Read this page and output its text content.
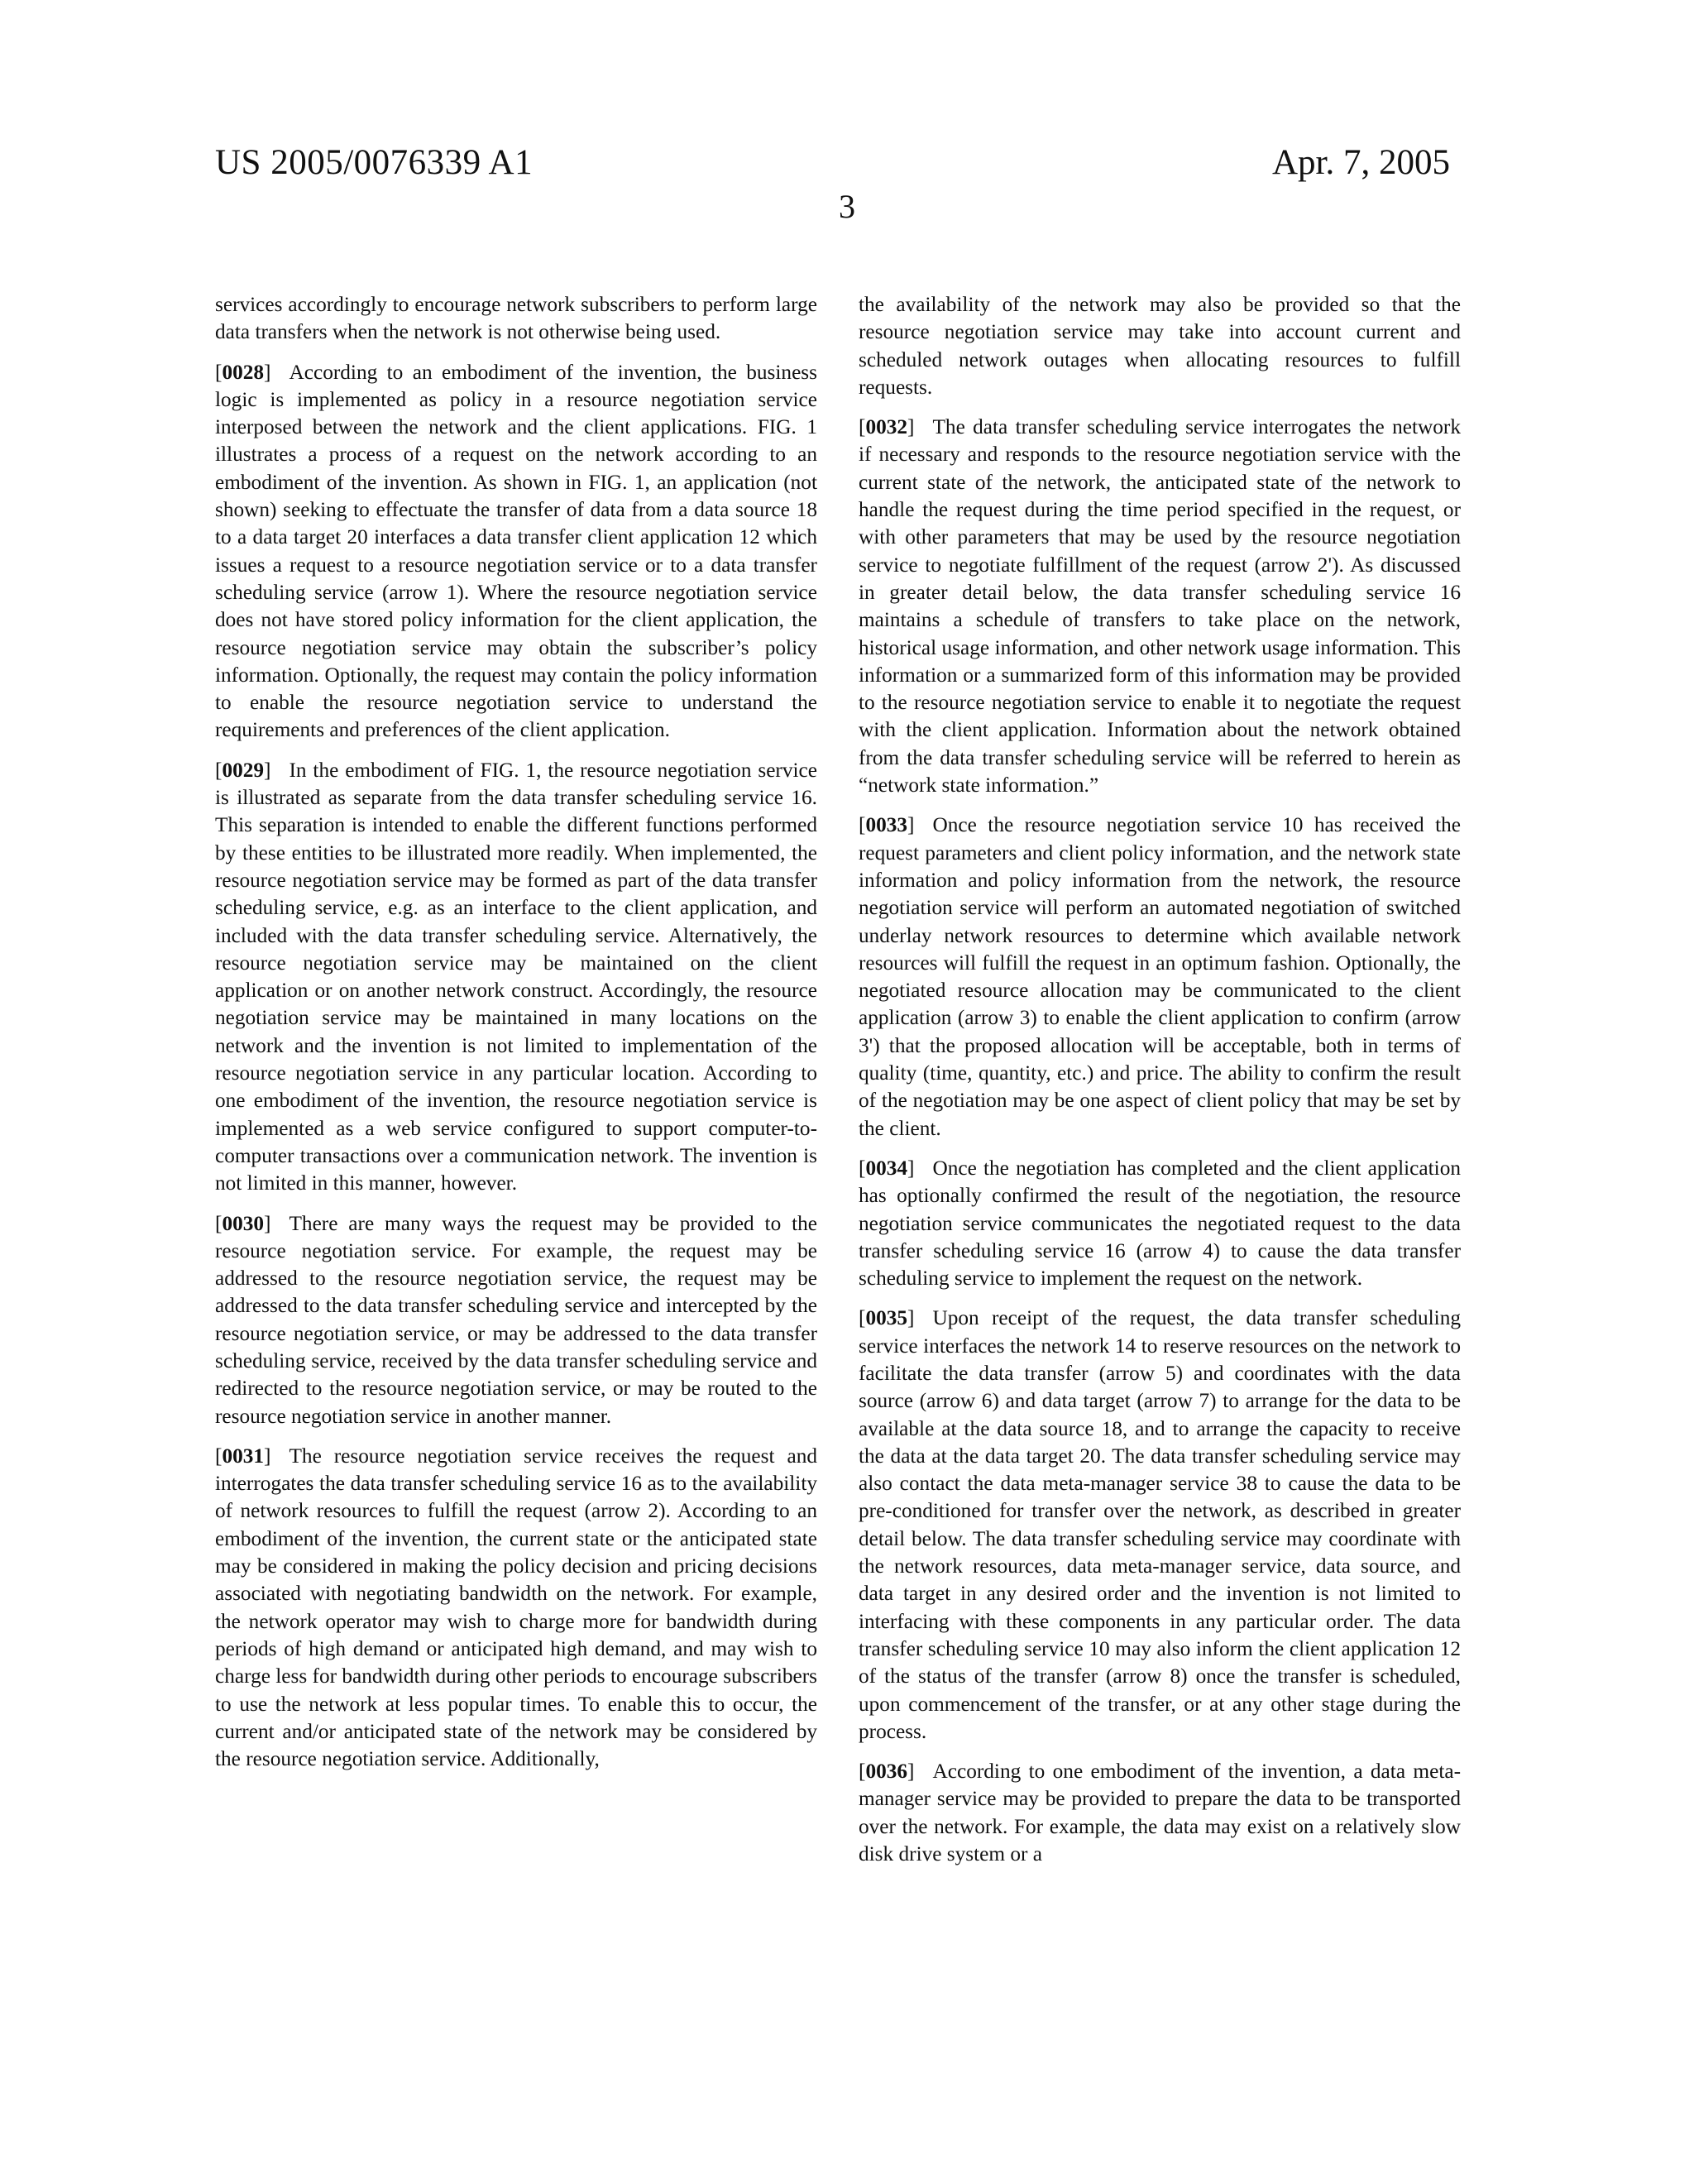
US 2005/0076339 A1	Apr. 7, 2005
3

services accordingly to encourage network subscribers to perform large data transfers when the network is not otherwise being used.

[0028] According to an embodiment of the invention, the business logic is implemented as policy in a resource negotiation service interposed between the network and the client applications. FIG. 1 illustrates a process of a request on the network according to an embodiment of the invention. As shown in FIG. 1, an application (not shown) seeking to effectuate the transfer of data from a data source 18 to a data target 20 interfaces a data transfer client application 12 which issues a request to a resource negotiation service or to a data transfer scheduling service (arrow 1). Where the resource negotiation service does not have stored policy information for the client application, the resource negotiation service may obtain the subscriber’s policy information. Optionally, the request may contain the policy information to enable the resource negotiation service to understand the requirements and preferences of the client application.

[0029] In the embodiment of FIG. 1, the resource negotiation service is illustrated as separate from the data transfer scheduling service 16. This separation is intended to enable the different functions performed by these entities to be illustrated more readily. When implemented, the resource negotiation service may be formed as part of the data transfer scheduling service, e.g. as an interface to the client application, and included with the data transfer scheduling service. Alternatively, the resource negotiation service may be maintained on the client application or on another network construct. Accordingly, the resource negotiation service may be maintained in many locations on the network and the invention is not limited to implementation of the resource negotiation service in any particular location. According to one embodiment of the invention, the resource negotiation service is implemented as a web service configured to support computer-to-computer transactions over a communication network. The invention is not limited in this manner, however.

[0030] There are many ways the request may be provided to the resource negotiation service. For example, the request may be addressed to the resource negotiation service, the request may be addressed to the data transfer scheduling service and intercepted by the resource negotiation service, or may be addressed to the data transfer scheduling service, received by the data transfer scheduling service and redirected to the resource negotiation service, or may be routed to the resource negotiation service in another manner.

[0031] The resource negotiation service receives the request and interrogates the data transfer scheduling service 16 as to the availability of network resources to fulfill the request (arrow 2). According to an embodiment of the invention, the current state or the anticipated state may be considered in making the policy decision and pricing decisions associated with negotiating bandwidth on the network. For example, the network operator may wish to charge more for bandwidth during periods of high demand or anticipated high demand, and may wish to charge less for bandwidth during other periods to encourage subscribers to use the network at less popular times. To enable this to occur, the current and/or anticipated state of the network may be considered by the resource negotiation service. Additionally,

the availability of the network may also be provided so that the resource negotiation service may take into account current and scheduled network outages when allocating resources to fulfill requests.

[0032] The data transfer scheduling service interrogates the network if necessary and responds to the resource negotiation service with the current state of the network, the anticipated state of the network to handle the request during the time period specified in the request, or with other parameters that may be used by the resource negotiation service to negotiate fulfillment of the request (arrow 2'). As discussed in greater detail below, the data transfer scheduling service 16 maintains a schedule of transfers to take place on the network, historical usage information, and other network usage information. This information or a summarized form of this information may be provided to the resource negotiation service to enable it to negotiate the request with the client application. Information about the network obtained from the data transfer scheduling service will be referred to herein as “network state information.”

[0033] Once the resource negotiation service 10 has received the request parameters and client policy information, and the network state information and policy information from the network, the resource negotiation service will perform an automated negotiation of switched underlay network resources to determine which available network resources will fulfill the request in an optimum fashion. Optionally, the negotiated resource allocation may be communicated to the client application (arrow 3) to enable the client application to confirm (arrow 3') that the proposed allocation will be acceptable, both in terms of quality (time, quantity, etc.) and price. The ability to confirm the result of the negotiation may be one aspect of client policy that may be set by the client.

[0034] Once the negotiation has completed and the client application has optionally confirmed the result of the negotiation, the resource negotiation service communicates the negotiated request to the data transfer scheduling service 16 (arrow 4) to cause the data transfer scheduling service to implement the request on the network.

[0035] Upon receipt of the request, the data transfer scheduling service interfaces the network 14 to reserve resources on the network to facilitate the data transfer (arrow 5) and coordinates with the data source (arrow 6) and data target (arrow 7) to arrange for the data to be available at the data source 18, and to arrange the capacity to receive the data at the data target 20. The data transfer scheduling service may also contact the data meta-manager service 38 to cause the data to be pre-conditioned for transfer over the network, as described in greater detail below. The data transfer scheduling service may coordinate with the network resources, data meta-manager service, data source, and data target in any desired order and the invention is not limited to interfacing with these components in any particular order. The data transfer scheduling service 10 may also inform the client application 12 of the status of the transfer (arrow 8) once the transfer is scheduled, upon commencement of the transfer, or at any other stage during the process.

[0036] According to one embodiment of the invention, a data meta-manager service may be provided to prepare the data to be transported over the network. For example, the data may exist on a relatively slow disk drive system or a
